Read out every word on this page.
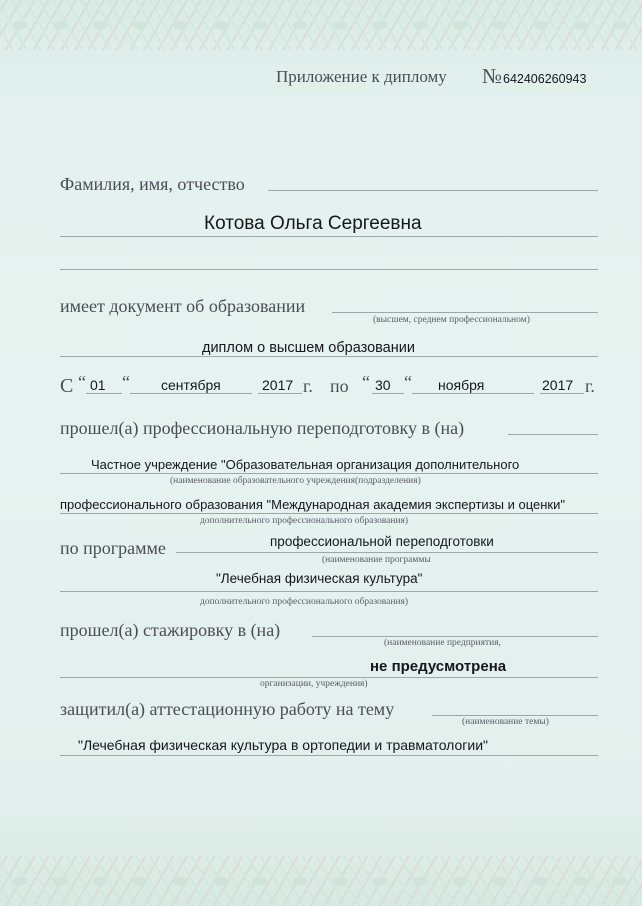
Приложение к диплому № 642406260943
Фамилия, имя, отчество
Котова Ольга Сергеевна
имеет документ об образовании
(высшем, среднем профессиональном)
диплом о высшем образовании
С “ 01 “ сентября	2017 г. по “ 30 “ ноября	2017 г.
прошел(а) профессиональную переподготовку в (на)
Частное учреждение "Образовательная организация дополнительного
(наименование образовательного учреждения(подразделения)
профессионального образования "Международная академия экспертизы и оценки"
дополнительного профессионального образования)
по программе	профессиональной переподготовки
(наименование программы
"Лечебная физическая культура"
дополнительного профессионального образования)
прошел(а) стажировку в (на)
(наименование предприятия,
не предусмотрена
организации, учреждения)
защитил(а) аттестационную работу на тему
(наименование темы)
"Лечебная физическая культура в ортопедии и травматологии"
